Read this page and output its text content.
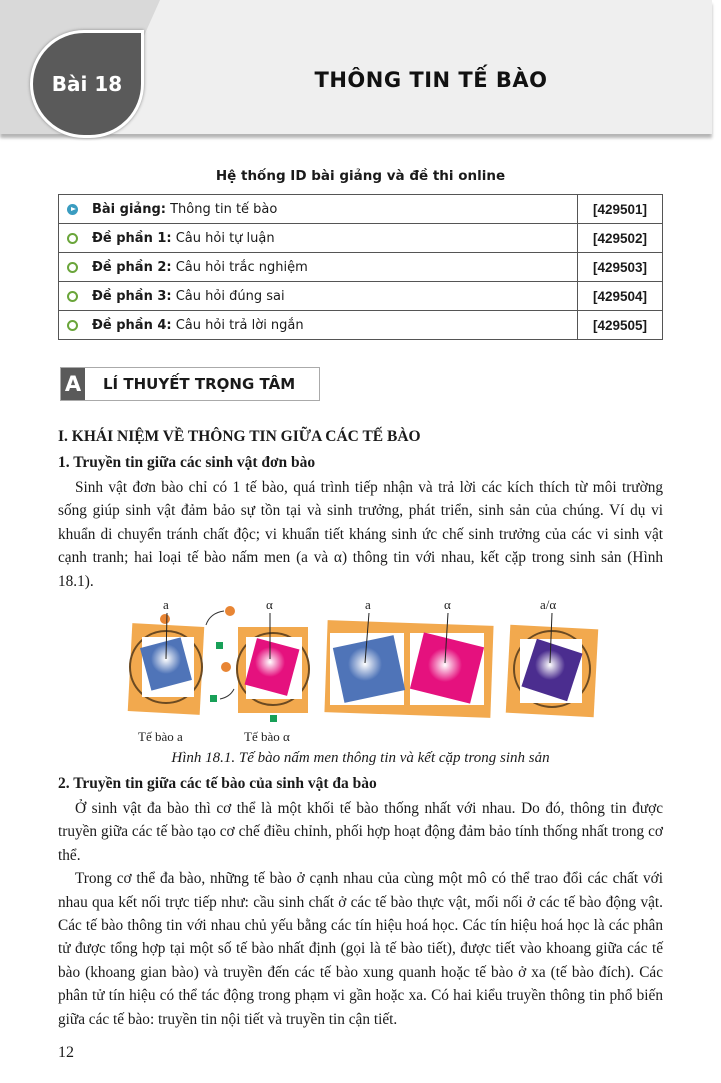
Bài 18	THÔNG TIN TẾ BÀO
Hệ thống ID bài giảng và đề thi online
Bài giảng: Thông tin tế bào	[429501]
Đề phần 1: Câu hỏi tự luận	[429502]
Đề phần 2: Câu hỏi trắc nghiệm	[429503]
Đề phần 3: Câu hỏi đúng sai	[429504]
Đề phần 4: Câu hỏi trả lời ngắn	[429505]
A LÍ THUYẾT TRỌNG TÂM
I. KHÁI NIỆM VỀ THÔNG TIN GIỮA CÁC TẾ BÀO
1. Truyền tin giữa các sinh vật đơn bào
Sinh vật đơn bào chỉ có 1 tế bào, quá trình tiếp nhận và trả lời các kích thích từ môi trường sống giúp sinh vật đảm bảo sự tồn tại và sinh trưởng, phát triển, sinh sản của chúng. Ví dụ vi khuẩn di chuyển tránh chất độc; vi khuẩn tiết kháng sinh ức chế sinh trưởng của các vi sinh vật cạnh tranh; hai loại tế bào nấm men (a và α) thông tin với nhau, kết cặp trong sinh sản (Hình 18.1).
a	α	a	α	a/α
Tế bào a	Tế bào α
Hình 18.1. Tế bào nấm men thông tin và kết cặp trong sinh sản
2. Truyền tin giữa các tế bào của sinh vật đa bào
Ở sinh vật đa bào thì cơ thể là một khối tế bào thống nhất với nhau. Do đó, thông tin được truyền giữa các tế bào tạo cơ chế điều chỉnh, phối hợp hoạt động đảm bảo tính thống nhất trong cơ thể.
Trong cơ thể đa bào, những tế bào ở cạnh nhau của cùng một mô có thể trao đổi các chất với nhau qua kết nối trực tiếp như: cầu sinh chất ở các tế bào thực vật, mối nối ở các tế bào động vật. Các tế bào thông tin với nhau chủ yếu bằng các tín hiệu hoá học. Các tín hiệu hoá học là các phân tử được tổng hợp tại một số tế bào nhất định (gọi là tế bào tiết), được tiết vào khoang giữa các tế bào (khoang gian bào) và truyền đến các tế bào xung quanh hoặc tế bào ở xa (tế bào đích). Các phân tử tín hiệu có thể tác động trong phạm vi gần hoặc xa. Có hai kiểu truyền thông tin phổ biến giữa các tế bào: truyền tin nội tiết và truyền tin cận tiết.
12
